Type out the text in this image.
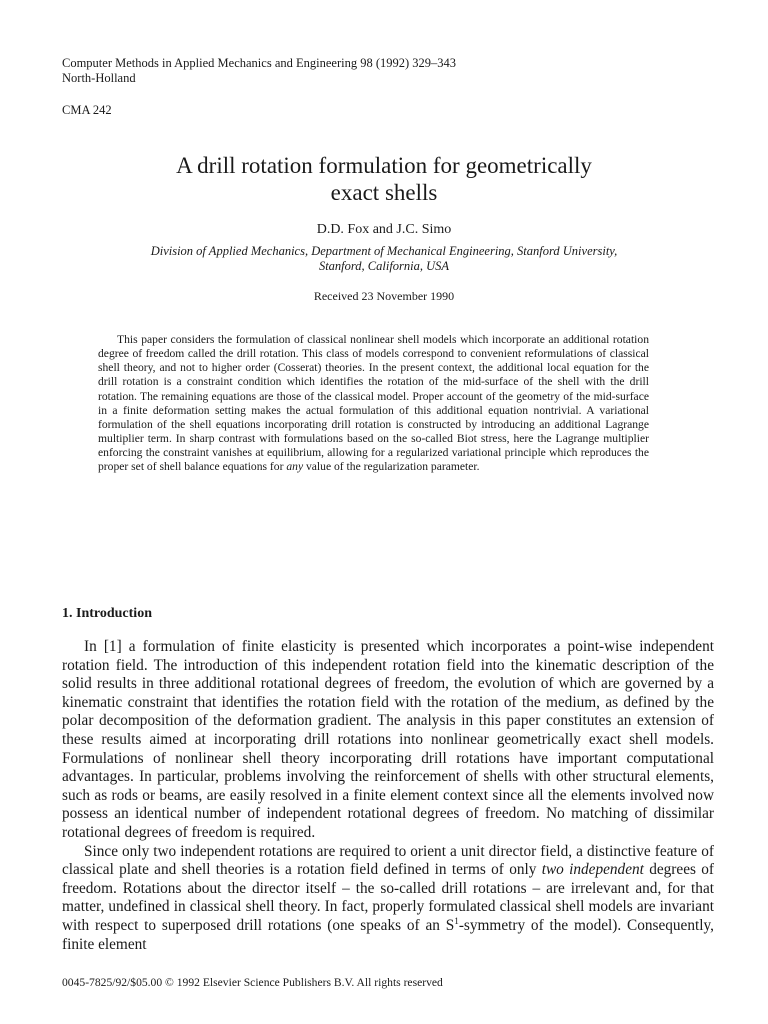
Computer Methods in Applied Mechanics and Engineering 98 (1992) 329–343
North-Holland
CMA 242
A drill rotation formulation for geometrically
exact shells
D.D. Fox and J.C. Simo
Division of Applied Mechanics, Department of Mechanical Engineering, Stanford University,
Stanford, California, USA
Received 23 November 1990
This paper considers the formulation of classical nonlinear shell models which incorporate an additional rotation degree of freedom called the drill rotation. This class of models correspond to convenient reformulations of classical shell theory, and not to higher order (Cosserat) theories. In the present context, the additional local equation for the drill rotation is a constraint condition which identifies the rotation of the mid-surface of the shell with the drill rotation. The remaining equations are those of the classical model. Proper account of the geometry of the mid-surface in a finite deformation setting makes the actual formulation of this additional equation nontrivial. A variational formulation of the shell equations incorporating drill rotation is constructed by introducing an additional Lagrange multiplier term. In sharp contrast with formulations based on the so-called Biot stress, here the Lagrange multiplier enforcing the constraint vanishes at equilibrium, allowing for a regularized variational principle which reproduces the proper set of shell balance equations for any value of the regularization parameter.
1. Introduction

In [1] a formulation of finite elasticity is presented which incorporates a point-wise independent rotation field. The introduction of this independent rotation field into the kinematic description of the solid results in three additional rotational degrees of freedom, the evolution of which are governed by a kinematic constraint that identifies the rotation field with the rotation of the medium, as defined by the polar decomposition of the deformation gradient. The analysis in this paper constitutes an extension of these results aimed at incorporating drill rotations into nonlinear geometrically exact shell models. Formulations of nonlinear shell theory incorporating drill rotations have important computational advantages. In particular, problems involving the reinforcement of shells with other structural elements, such as rods or beams, are easily resolved in a finite element context since all the elements involved now possess an identical number of independent rotational degrees of freedom. No matching of dissimilar rotational degrees of freedom is required.

Since only two independent rotations are required to orient a unit director field, a distinctive feature of classical plate and shell theories is a rotation field defined in terms of only two independent degrees of freedom. Rotations about the director itself – the so-called drill rotations – are irrelevant and, for that matter, undefined in classical shell theory. In fact, properly formulated classical shell models are invariant with respect to superposed drill rotations (one speaks of an $S^1$-symmetry of the model). Consequently, finite element

0045-7825/92/$05.00 © 1992 Elsevier Science Publishers B.V. All rights reserved
